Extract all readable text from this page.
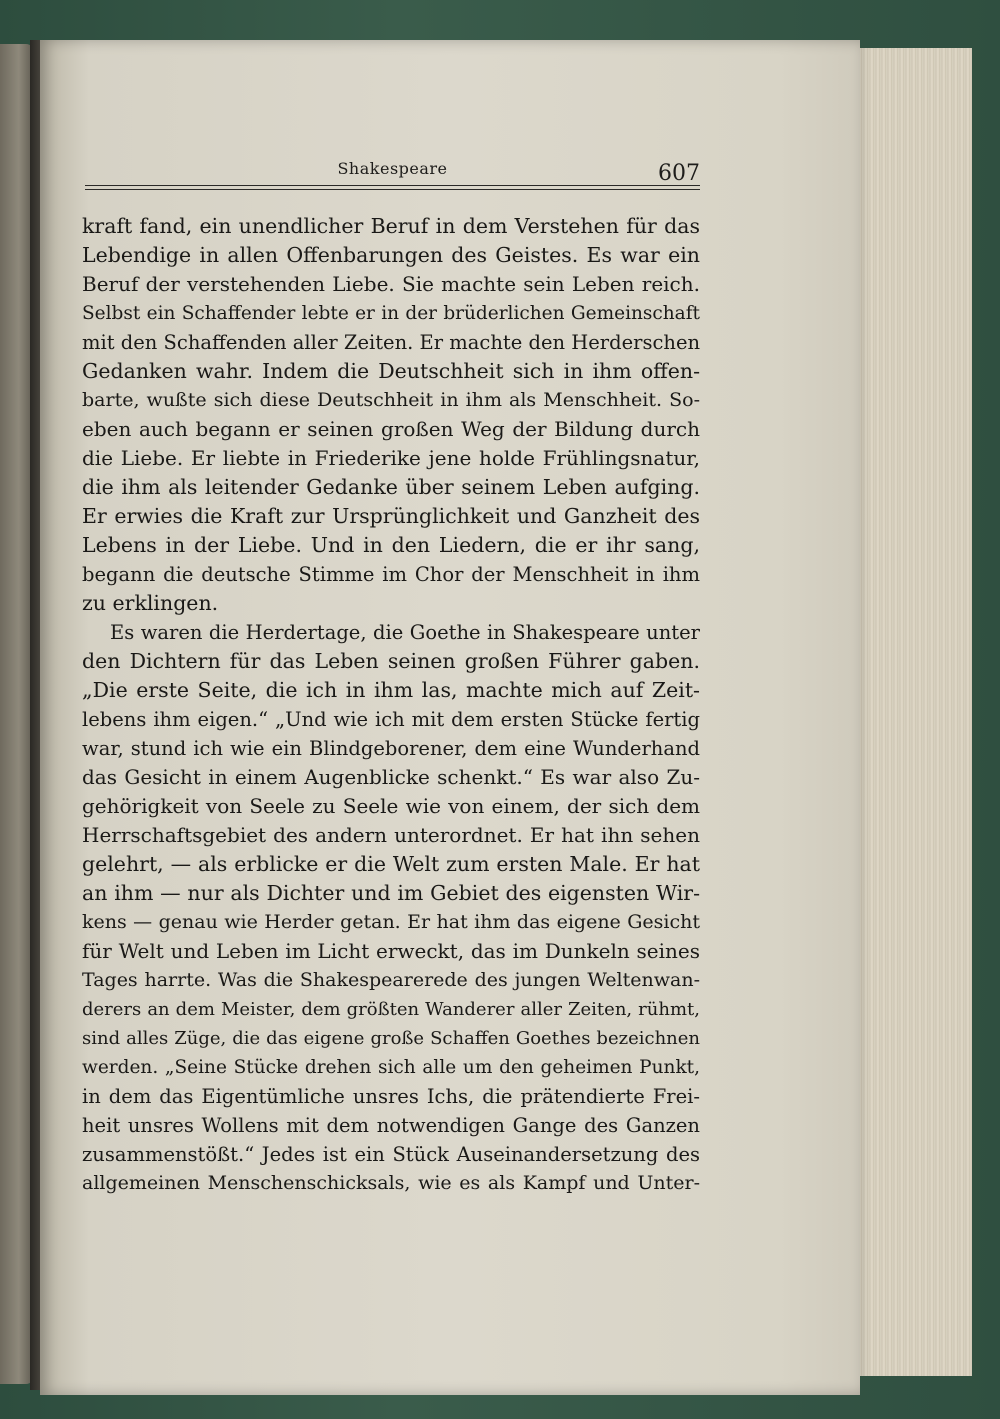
Shakespeare	607
kraft fand, ein unendlicher Beruf in dem Verstehen für das
Lebendige in allen Offenbarungen des Geistes. Es war ein
Beruf der verstehenden Liebe. Sie machte sein Leben reich.
Selbst ein Schaffender lebte er in der brüderlichen Gemeinschaft
mit den Schaffenden aller Zeiten. Er machte den Herderschen
Gedanken wahr. Indem die Deutschheit sich in ihm offen-
barte, wußte sich diese Deutschheit in ihm als Menschheit. So-
eben auch begann er seinen großen Weg der Bildung durch
die Liebe. Er liebte in Friederike jene holde Frühlingsnatur,
die ihm als leitender Gedanke über seinem Leben aufging.
Er erwies die Kraft zur Ursprünglichkeit und Ganzheit des
Lebens in der Liebe. Und in den Liedern, die er ihr sang,
begann die deutsche Stimme im Chor der Menschheit in ihm
zu erklingen.
Es waren die Herdertage, die Goethe in Shakespeare unter
den Dichtern für das Leben seinen großen Führer gaben.
„Die erste Seite, die ich in ihm las, machte mich auf Zeit-
lebens ihm eigen.“ „Und wie ich mit dem ersten Stücke fertig
war, stund ich wie ein Blindgeborener, dem eine Wunderhand
das Gesicht in einem Augenblicke schenkt.“ Es war also Zu-
gehörigkeit von Seele zu Seele wie von einem, der sich dem
Herrschaftsgebiet des andern unterordnet. Er hat ihn sehen
gelehrt, — als erblicke er die Welt zum ersten Male. Er hat
an ihm — nur als Dichter und im Gebiet des eigensten Wir-
kens — genau wie Herder getan. Er hat ihm das eigene Gesicht
für Welt und Leben im Licht erweckt, das im Dunkeln seines
Tages harrte. Was die Shakespearerede des jungen Weltenwan-
derers an dem Meister, dem größten Wanderer aller Zeiten, rühmt,
sind alles Züge, die das eigene große Schaffen Goethes bezeichnen
werden. „Seine Stücke drehen sich alle um den geheimen Punkt,
in dem das Eigentümliche unsres Ichs, die prätendierte Frei-
heit unsres Wollens mit dem notwendigen Gange des Ganzen
zusammenstößt.“ Jedes ist ein Stück Auseinandersetzung des
allgemeinen Menschenschicksals, wie es als Kampf und Unter-
